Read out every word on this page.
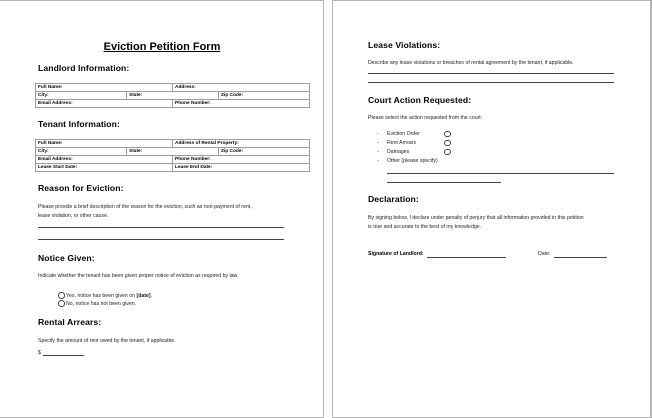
Eviction Petition Form
Landlord Information:
Full Name:		Address:	
City:	State:		Zip Code:
Email Address:		Phone Number:	
Tenant Information:
Full Name:		Address of Rental Property:	
City:	State:		Zip Code:
Email Address:		Phone Number:	
Lease Start Date:		Lease End Date:	
Reason for Eviction:
Please provide a brief description of the reason for the eviction, such as non-payment of rent,
lease violation, or other cause.
Notice Given:
Indicate whether the tenant has been given proper notice of eviction as required by law.
Yes, notice has been given on [date].
No, notice has not been given.
Rental Arrears:
Specify the amount of rent owed by the tenant, if applicable.
$
Lease Violations:
Describe any lease violations or breaches of rental agreement by the tenant, if applicable.
Court Action Requested:
Please select the action requested from the court:
- Eviction Order
- Rent Arrears
- Damages
- Other (please specify)
Declaration:
By signing below, I declare under penalty of perjury that all information provided in this petition
is true and accurate to the best of my knowledge.
Signature of Landlord:	Date:
